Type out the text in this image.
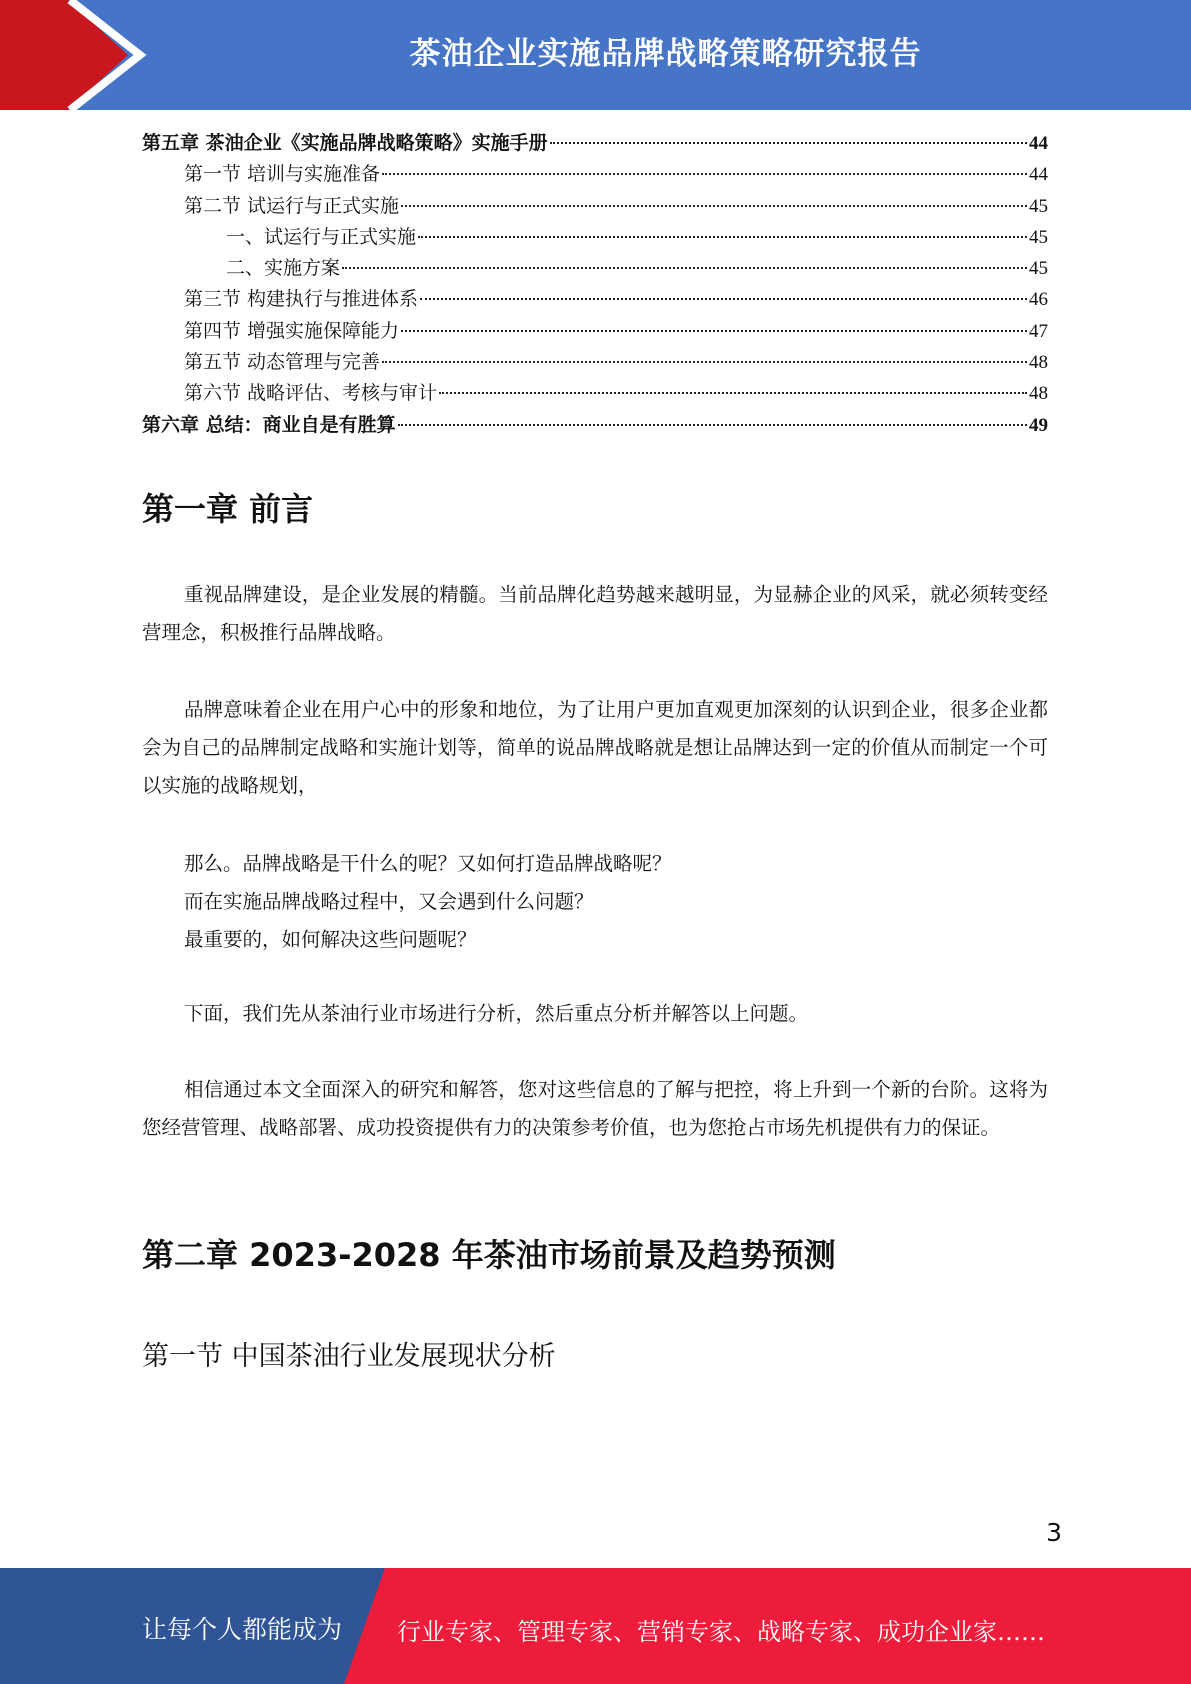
茶油企业实施品牌战略策略研究报告
第五章 茶油企业《实施品牌战略策略》实施手册	44
第一节 培训与实施准备	44
第二节 试运行与正式实施	45
一、试运行与正式实施	45
二、实施方案	45
第三节 构建执行与推进体系	46
第四节 增强实施保障能力	47
第五节 动态管理与完善	48
第六节 战略评估、考核与审计	48
第六章 总结：商业自是有胜算	49
第一章 前言
重视品牌建设，是企业发展的精髓。当前品牌化趋势越来越明显，为显赫企业的风采，就必须转变经营理念，积极推行品牌战略。
品牌意味着企业在用户心中的形象和地位，为了让用户更加直观更加深刻的认识到企业，很多企业都会为自己的品牌制定战略和实施计划等，简单的说品牌战略就是想让品牌达到一定的价值从而制定一个可以实施的战略规划，
那么。品牌战略是干什么的呢？又如何打造品牌战略呢？
而在实施品牌战略过程中，又会遇到什么问题？
最重要的，如何解决这些问题呢？
下面，我们先从茶油行业市场进行分析，然后重点分析并解答以上问题。
相信通过本文全面深入的研究和解答，您对这些信息的了解与把控，将上升到一个新的台阶。这将为您经营管理、战略部署、成功投资提供有力的决策参考价值，也为您抢占市场先机提供有力的保证。
第二章 2023-2028 年茶油市场前景及趋势预测
第一节 中国茶油行业发展现状分析
3
让每个人都能成为 行业专家、管理专家、营销专家、战略专家、成功企业家……
